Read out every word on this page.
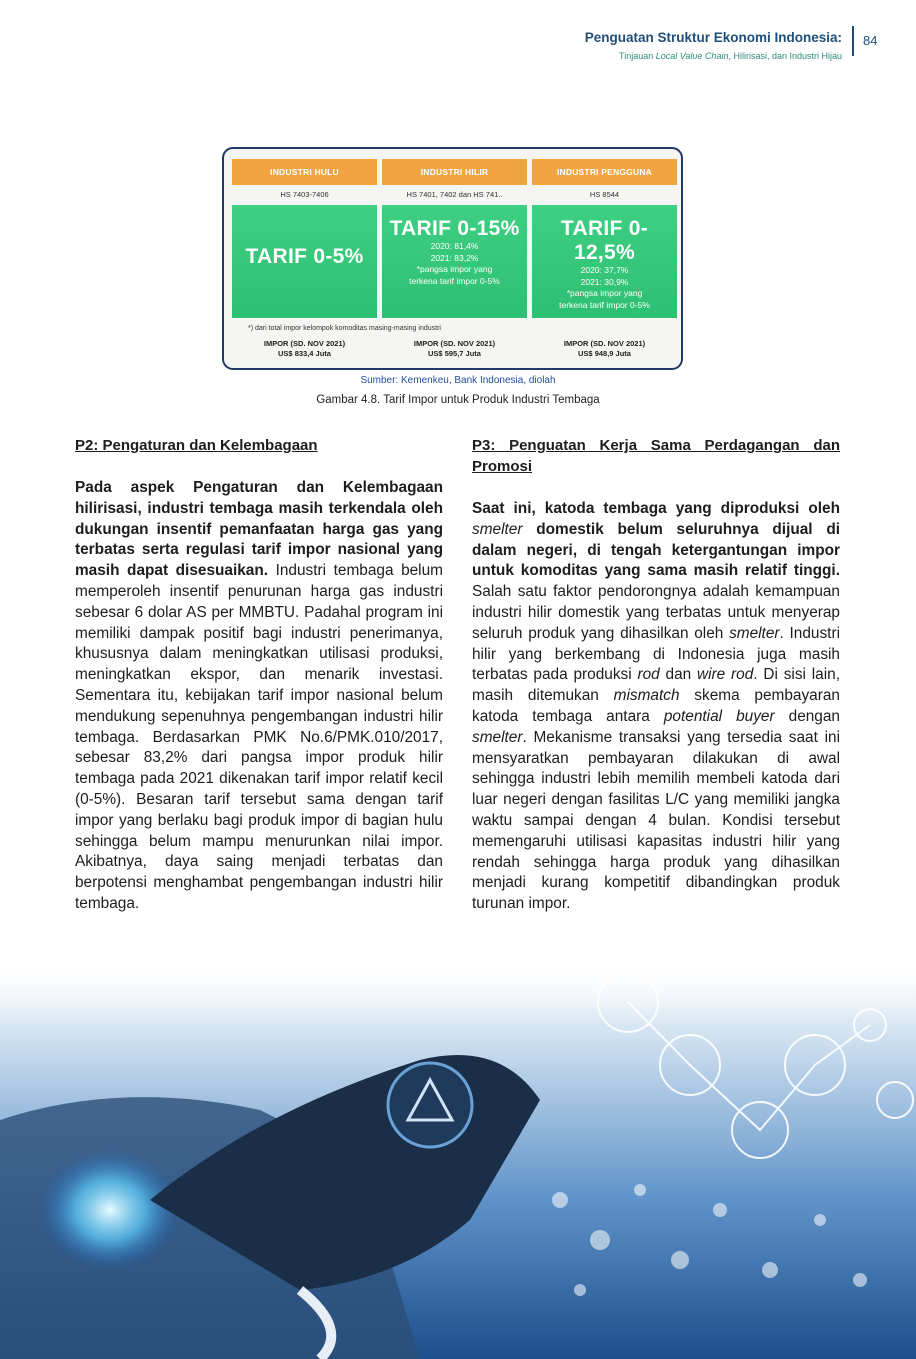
Penguatan Struktur Ekonomi Indonesia:
Tinjauan Local Value Chain, Hilirisasi, dan Industri Hijau
84
INDUSTRI HULU
HS 7403-7406
TARIF 0-5%
INDUSTRI HILIR
HS 7401, 7402 dan HS 741..
TARIF 0-15%
2020: 81,4%
2021: 83,2%
*pangsa impor yang
terkena tarif impor 0-5%
INDUSTRI PENGGUNA
HS 8544
TARIF 0-12,5%
2020: 37,7%
2021: 30,9%
*pangsa impor yang
terkena tarif impor 0-5%
*) dari total impor kelompok komoditas masing-masing industri
IMPOR (SD. NOV 2021)
US$ 833,4 Juta
IMPOR (SD. NOV 2021)
US$ 595,7 Juta
IMPOR (SD. NOV 2021)
US$ 948,9 Juta
Sumber: Kemenkeu, Bank Indonesia, diolah
Gambar 4.8. Tarif Impor untuk Produk Industri Tembaga
P2: Pengaturan dan Kelembagaan

Pada aspek Pengaturan dan Kelembagaan hilirisasi, industri tembaga masih terkendala oleh dukungan insentif pemanfaatan harga gas yang terbatas serta regulasi tarif impor nasional yang masih dapat disesuaikan. Industri tembaga belum memperoleh insentif penurunan harga gas industri sebesar 6 dolar AS per MMBTU. Padahal program ini memiliki dampak positif bagi industri penerimanya, khususnya dalam meningkatkan utilisasi produksi, meningkatkan ekspor, dan menarik investasi. Sementara itu, kebijakan tarif impor nasional belum mendukung sepenuhnya pengembangan industri hilir tembaga. Berdasarkan PMK No.6/PMK.010/2017, sebesar 83,2% dari pangsa impor produk hilir tembaga pada 2021 dikenakan tarif impor relatif kecil (0-5%). Besaran tarif tersebut sama dengan tarif impor yang berlaku bagi produk impor di bagian hulu sehingga belum mampu menurunkan nilai impor. Akibatnya, daya saing menjadi terbatas dan berpotensi menghambat pengembangan industri hilir tembaga.

P3: Penguatan Kerja Sama Perdagangan dan Promosi

Saat ini, katoda tembaga yang diproduksi oleh smelter domestik belum seluruhnya dijual di dalam negeri, di tengah ketergantungan impor untuk komoditas yang sama masih relatif tinggi. Salah satu faktor pendorongnya adalah kemampuan industri hilir domestik yang terbatas untuk menyerap seluruh produk yang dihasilkan oleh smelter. Industri hilir yang berkembang di Indonesia juga masih terbatas pada produksi rod dan wire rod. Di sisi lain, masih ditemukan mismatch skema pembayaran katoda tembaga antara potential buyer dengan smelter. Mekanisme transaksi yang tersedia saat ini mensyaratkan pembayaran dilakukan di awal sehingga industri lebih memilih membeli katoda dari luar negeri dengan fasilitas L/C yang memiliki jangka waktu sampai dengan 4 bulan. Kondisi tersebut memengaruhi utilisasi kapasitas industri hilir yang rendah sehingga harga produk yang dihasilkan menjadi kurang kompetitif dibandingkan produk turunan impor.
